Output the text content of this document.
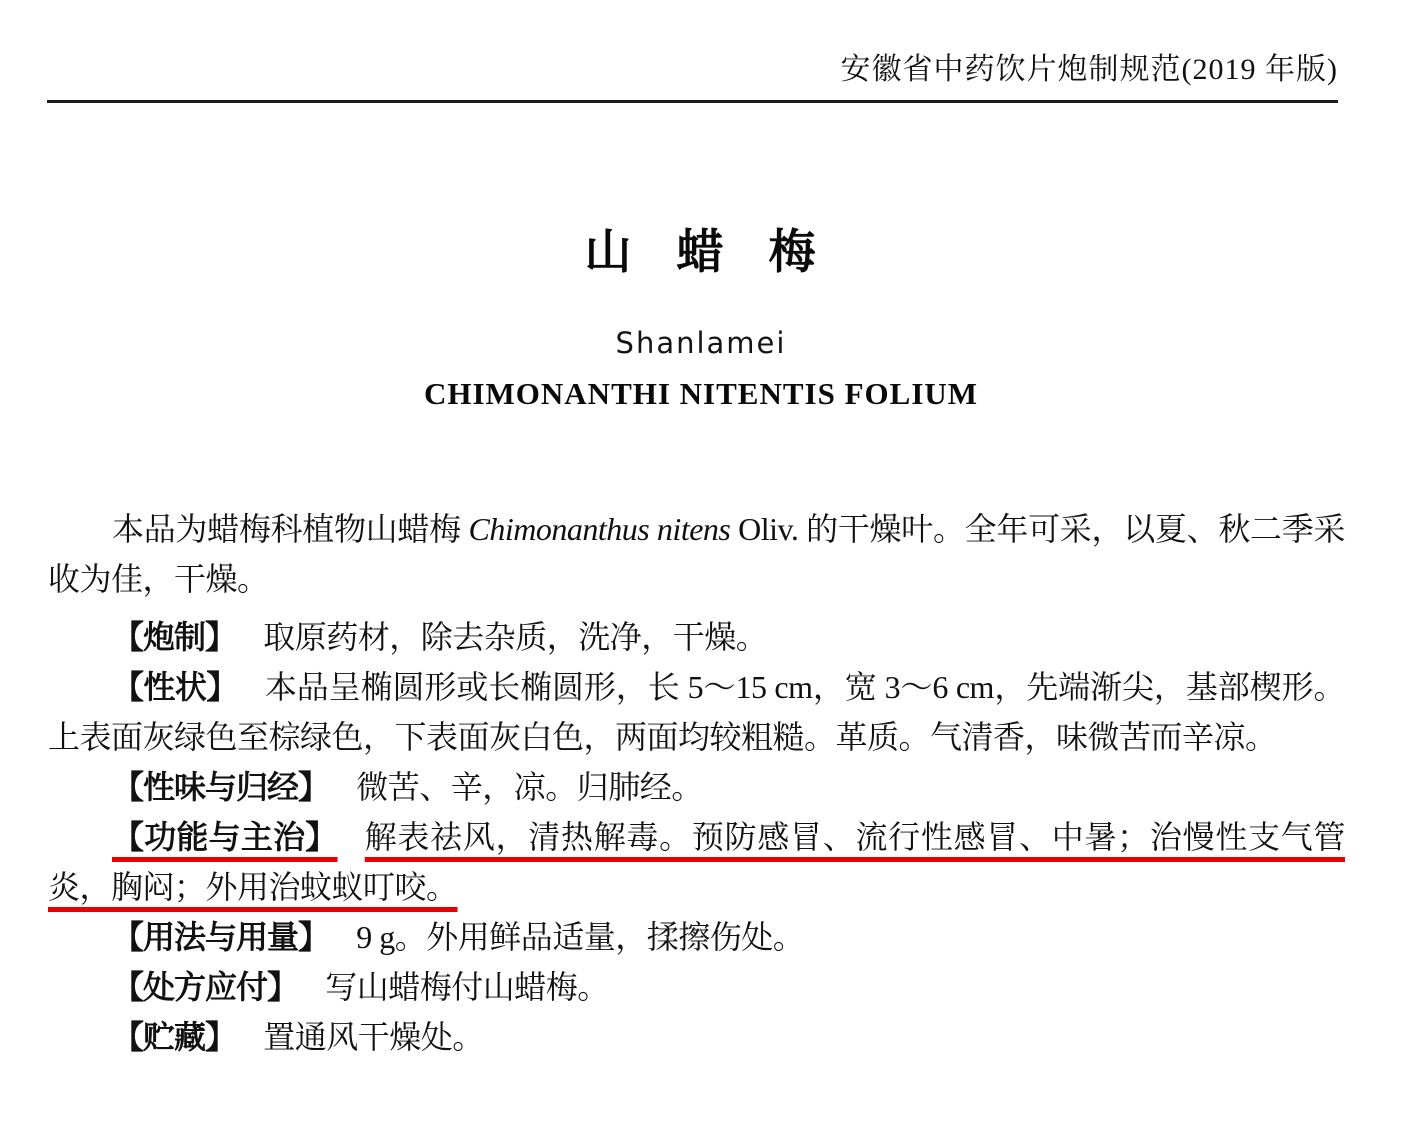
安徽省中药饮片炮制规范(2019 年版)
山 蜡 梅
Shanlamei
CHIMONANTHI NITENTIS FOLIUM

本品为蜡梅科植物山蜡梅 Chimonanthus nitens Oliv. 的干燥叶。全年可采，以夏、秋二季采收为佳，干燥。

【炮制】 取原药材，除去杂质，洗净，干燥。

【性状】 本品呈椭圆形或长椭圆形，长 5～15 cm，宽 3～6 cm，先端渐尖，基部楔形。上表面灰绿色至棕绿色，下表面灰白色，两面均较粗糙。革质。气清香，味微苦而辛凉。

【性味与归经】 微苦、辛，凉。归肺经。

【功能与主治】 解表祛风，清热解毒。预防感冒、流行性感冒、中暑；治慢性支气管炎，胸闷；外用治蚊蚁叮咬。

【用法与用量】 9 g。外用鲜品适量，揉擦伤处。

【处方应付】 写山蜡梅付山蜡梅。

【贮藏】 置通风干燥处。
